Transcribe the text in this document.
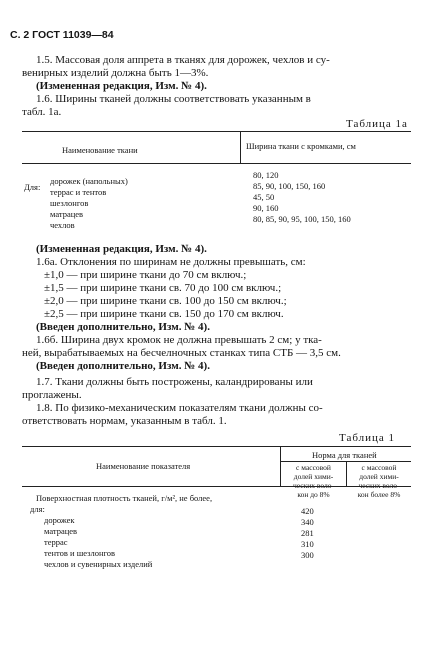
С. 2 ГОСТ 11039—84
1.5. Массовая доля аппрета в тканях для дорожек, чехлов и су-
венирных изделий должна быть 1—3%.
(Измененная редакция, Изм. № 4).
1.6. Ширины тканей должны соответствовать указанным в
табл. 1а.
Таблица 1а
Наименование ткани	Ширина ткани с кромками, см
Для:
дорожек (напольных)
террас и тентов
шезлонгов
матрацев
чехлов
80, 120
85, 90, 100, 150, 160
45, 50
90, 160
80, 85, 90, 95, 100, 150, 160
(Измененная редакция, Изм. № 4).
1.6а. Отклонения по ширинам не должны превышать, см:
±1,0 — при ширине ткани до 70 см включ.;
±1,5 — при ширине ткани св. 70 до 100 см включ.;
±2,0 — при ширине ткани св. 100 до 150 см включ.;
±2,5 — при ширине ткани св. 150 до 170 см включ.
(Введен дополнительно, Изм. № 4).
1.6б. Ширина двух кромок не должна превышать 2 см; у тка-
ней, вырабатываемых на бесчелночных станках типа СТБ — 3,5 см.
(Введен дополнительно, Изм. № 4).
1.7. Ткани должны быть построжены, каландрированы или
проглажены.
1.8. По физико-механическим показателям ткани должны со-
ответствовать нормам, указанным в табл. 1.
Таблица 1
Наименование показателя
Норма для тканей
с массовой
долей хими-
кон до 8%
с массовой
долей хими-
кон более 8%
Поверхностная плотность тканей, г/м², не более,
для:
дорожек
матрацев
террас
тентов и шезлонгов
чехлов и сувенирных изделий
420
340
281
310
300
